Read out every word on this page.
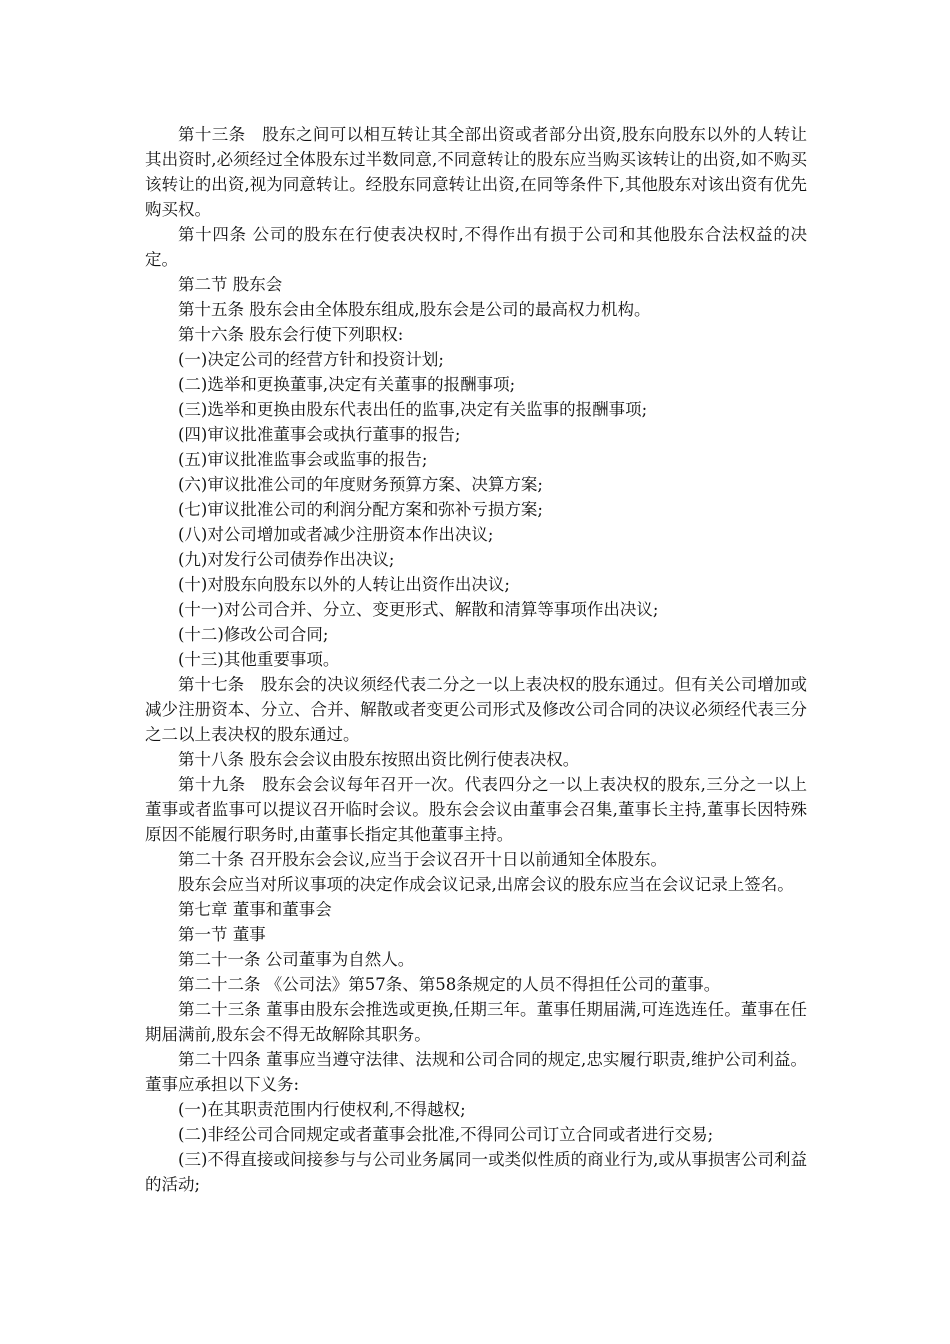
第十三条　股东之间可以相互转让其全部出资或者部分出资,股东向股东以外的人转让其出资时,必须经过全体股东过半数同意,不同意转让的股东应当购买该转让的出资,如不购买该转让的出资,视为同意转让。经股东同意转让出资,在同等条件下,其他股东对该出资有优先购买权。

第十四条 公司的股东在行使表决权时,不得作出有损于公司和其他股东合法权益的决定。

第二节 股东会

第十五条 股东会由全体股东组成,股东会是公司的最高权力机构。

第十六条 股东会行使下列职权:

(一)决定公司的经营方针和投资计划;

(二)选举和更换董事,决定有关董事的报酬事项;

(三)选举和更换由股东代表出任的监事,决定有关监事的报酬事项;

(四)审议批准董事会或执行董事的报告;

(五)审议批准监事会或监事的报告;

(六)审议批准公司的年度财务预算方案、决算方案;

(七)审议批准公司的利润分配方案和弥补亏损方案;

(八)对公司增加或者减少注册资本作出决议;

(九)对发行公司债券作出决议;

(十)对股东向股东以外的人转让出资作出决议;

(十一)对公司合并、分立、变更形式、解散和清算等事项作出决议;

(十二)修改公司合同;

(十三)其他重要事项。

第十七条　股东会的决议须经代表二分之一以上表决权的股东通过。但有关公司增加或减少注册资本、分立、合并、解散或者变更公司形式及修改公司合同的决议必须经代表三分之二以上表决权的股东通过。

第十八条 股东会会议由股东按照出资比例行使表决权。

第十九条　股东会会议每年召开一次。代表四分之一以上表决权的股东,三分之一以上董事或者监事可以提议召开临时会议。股东会会议由董事会召集,董事长主持,董事长因特殊原因不能履行职务时,由董事长指定其他董事主持。

第二十条 召开股东会会议,应当于会议召开十日以前通知全体股东。

股东会应当对所议事项的决定作成会议记录,出席会议的股东应当在会议记录上签名。

第七章 董事和董事会

第一节 董事

第二十一条 公司董事为自然人。

第二十二条 《公司法》第57条、第58条规定的人员不得担任公司的董事。

第二十三条 董事由股东会推选或更换,任期三年。董事任期届满,可连选连任。董事在任期届满前,股东会不得无故解除其职务。

第二十四条 董事应当遵守法律、法规和公司合同的规定,忠实履行职责,维护公司利益。董事应承担以下义务:

(一)在其职责范围内行使权利,不得越权;

(二)非经公司合同规定或者董事会批准,不得同公司订立合同或者进行交易;

(三)不得直接或间接参与与公司业务属同一或类似性质的商业行为,或从事损害公司利益的活动;
